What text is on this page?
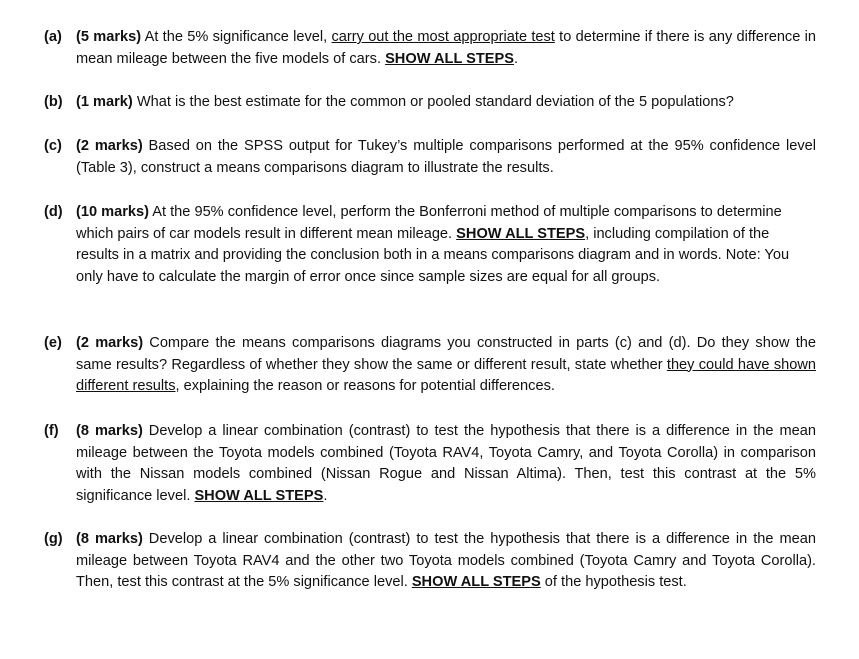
(a) (5 marks) At the 5% significance level, carry out the most appropriate test to determine if there is any difference in mean mileage between the five models of cars. SHOW ALL STEPS.
(b) (1 mark) What is the best estimate for the common or pooled standard deviation of the 5 populations?
(c) (2 marks) Based on the SPSS output for Tukey’s multiple comparisons performed at the 95% confidence level (Table 3), construct a means comparisons diagram to illustrate the results.
(d) (10 marks) At the 95% confidence level, perform the Bonferroni method of multiple comparisons to determine which pairs of car models result in different mean mileage. SHOW ALL STEPS, including compilation of the results in a matrix and providing the conclusion both in a means comparisons diagram and in words. Note: You only have to calculate the margin of error once since sample sizes are equal for all groups.
(e) (2 marks) Compare the means comparisons diagrams you constructed in parts (c) and (d). Do they show the same results? Regardless of whether they show the same or different result, state whether they could have shown different results, explaining the reason or reasons for potential differences.
(f) (8 marks) Develop a linear combination (contrast) to test the hypothesis that there is a difference in the mean mileage between the Toyota models combined (Toyota RAV4, Toyota Camry, and Toyota Corolla) in comparison with the Nissan models combined (Nissan Rogue and Nissan Altima). Then, test this contrast at the 5% significance level. SHOW ALL STEPS.
(g) (8 marks) Develop a linear combination (contrast) to test the hypothesis that there is a difference in the mean mileage between Toyota RAV4 and the other two Toyota models combined (Toyota Camry and Toyota Corolla). Then, test this contrast at the 5% significance level. SHOW ALL STEPS of the hypothesis test.
